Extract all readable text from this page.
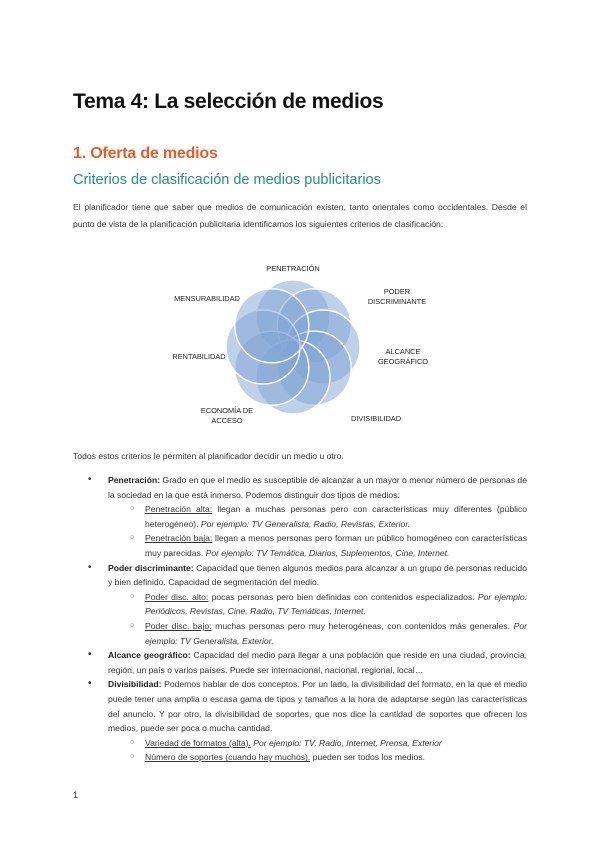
Tema 4: La selección de medios
1. Oferta de medios
Criterios de clasificación de medios publicitarios

El planificador tiene que saber que medios de comunicación existen, tanto orientales como occidentales. Desde el punto de vista de la planificación publicitaria identificamos los siguientes criterios de clasificación:

PENETRACIÓN
PODER
DISCRIMINANTE
ALCANCE
GEOGRÁFICO
DIVISIBILIDAD
ECONOMÍA DE
ACCESO
RENTABILIDAD
MENSURABILIDAD

Todos estos criterios le permiten al planificador decidir un medio u otro.

• Penetración: Grado en que el medio es susceptible de alcanzar a un mayor o menor número de personas de la sociedad en la que está inmerso. Podemos distinguir dos tipos de medios:
○ Penetración alta: llegan a muchas personas pero con características muy diferentes (público heterogéneo). Por ejemplo: TV Generalista, Radio, Revistas, Exterior.
○ Penetración baja: llegan a menos personas pero forman un público homogéneo con características muy parecidas. Por ejemplo: TV Temática, Diarios, Suplementos, Cine, Internet.
• Poder discriminante: Capacidad que tienen algunos medios para alcanzar a un grupo de personas reducido y bien definido. Capacidad de segmentación del medio.
○ Poder disc. alto: pocas personas pero bien definidas con contenidos especializados. Por ejemplo: Periódicos, Revistas, Cine, Radio, TV Temáticas, Internet.
○ Poder disc. bajo: muchas personas pero muy heterogéneas, con contenidos más generales. Por ejemplo: TV Generalista, Exterior.
• Alcance geográfico: Capacidad del medio para llegar a una población que reside en una ciudad, provincia, región, un país o varios países. Puede ser internacional, nacional, regional, local…
• Divisibilidad: Podemos hablar de dos conceptos. Por un lado, la divisibilidad del formato, en la que el medio puede tener una amplia o escasa gama de tipos y tamaños a la hora de adaptarse según las características del anuncio. Y por otro, la divisibilidad de soportes, que nos dice la cantidad de soportes que ofrecen los medios, puede ser poca o mucha cantidad.
○ Variedad de formatos (alta). Por ejemplo: TV, Radio, Internet, Prensa, Exterior
○ Número de soportes (cuando hay muchos). pueden ser todos los medios.
1
